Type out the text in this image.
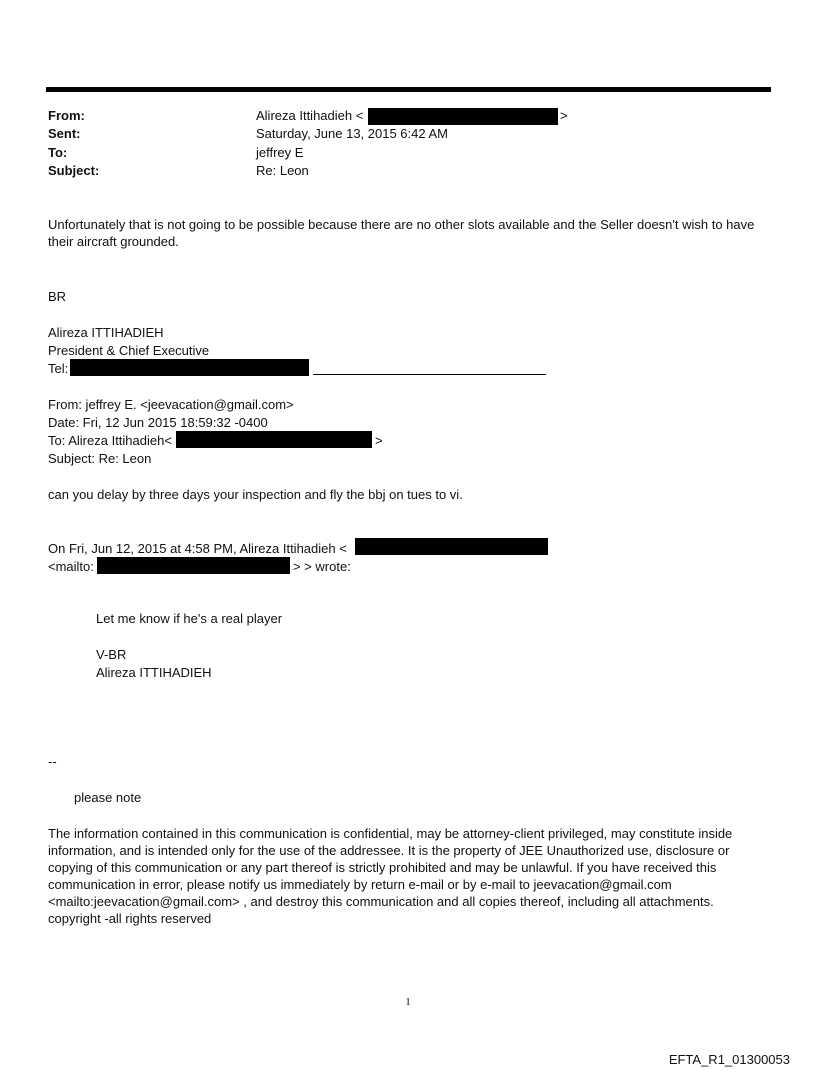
From:	Alireza Ittihadieh <	>
Sent:	Saturday, June 13, 2015 6:42 AM
To:	jeffrey E
Subject:	Re: Leon
Unfortunately that is not going to be possible because there are no other slots available and the Seller doesn't wish to have their aircraft grounded.
BR
Alireza ITTIHADIEH
President & Chief Executive
Tel:
From: jeffrey E. <jeevacation@gmail.com>
Date: Fri, 12 Jun 2015 18:59:32 -0400
To: Alireza Ittihadieh<	>
Subject: Re: Leon
can you delay by three days your inspection and fly the bbj on tues to vi.
On Fri, Jun 12, 2015 at 4:58 PM, Alireza Ittihadieh <
<mailto:	> > wrote:
Let me know if he's a real player
V-BR
Alireza ITTIHADIEH
--
please note
The information contained in this communication is confidential, may be attorney-client privileged, may constitute inside information, and is intended only for the use of the addressee. It is the property of JEE Unauthorized use, disclosure or copying of this communication or any part thereof is strictly prohibited and may be unlawful. If you have received this communication in error, please notify us immediately by return e-mail or by e-mail to jeevacation@gmail.com <mailto:jeevacation@gmail.com> , and destroy this communication and all copies thereof, including all attachments. copyright -all rights reserved
1
EFTA_R1_01300053
